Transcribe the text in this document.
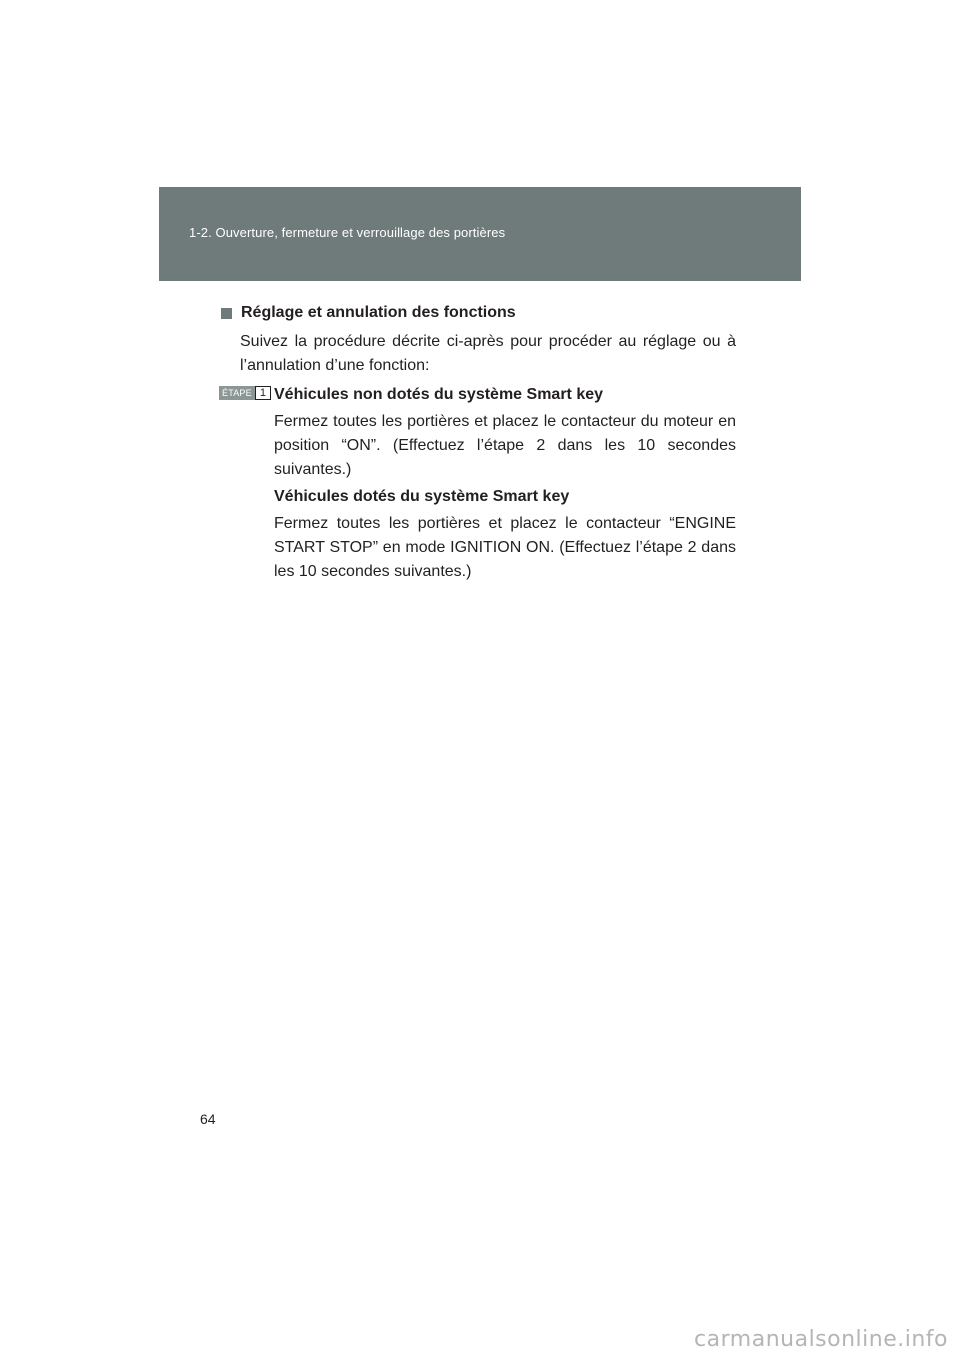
1-2. Ouverture, fermeture et verrouillage des portières
Réglage et annulation des fonctions
Suivez la procédure décrite ci-après pour procéder au réglage ou à l’annulation d’une fonction:
ÉTAPE 1 Véhicules non dotés du système Smart key
Fermez toutes les portières et placez le contacteur du moteur en position “ON”. (Effectuez l’étape 2 dans les 10 secondes suivantes.)
Véhicules dotés du système Smart key
Fermez toutes les portières et placez le contacteur “ENGINE START STOP” en mode IGNITION ON. (Effectuez l’étape 2 dans les 10 secondes suivantes.)
64
carmanualsonline.info
